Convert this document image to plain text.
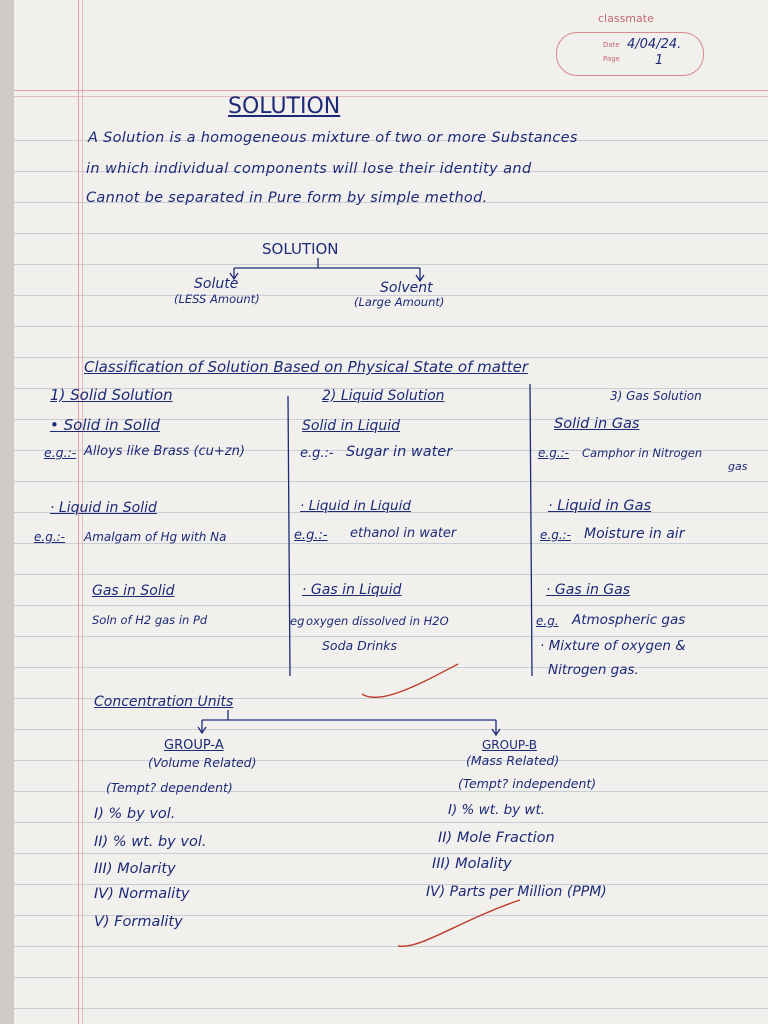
classmate
Date
Page
4/04/24.
1
SOLUTION
A Solution is a homogeneous mixture of two or more Substances
in which individual components will lose their identity and
Cannot be separated in Pure form by simple method.
SOLUTION
Solute
(LESS Amount)
Solvent
(Large Amount)
Classification of Solution Based on Physical State of matter
1) Solid Solution
• Solid in Solid
e.g.:- Alloys like Brass (cu+zn)
· Liquid in Solid
e.g.:- Amalgam of Hg with Na
Gas in Solid
Soln of H2 gas in Pd
2) Liquid Solution
Solid in Liquid
e.g.:- Sugar in water
· Liquid in Liquid
e.g.:- ethanol in water
· Gas in Liquid
eg oxygen dissolved in H2O
Soda Drinks
3) Gas Solution
Solid in Gas
e.g.:- Camphor in Nitrogen
gas
· Liquid in Gas
e.g.:- Moisture in air
· Gas in Gas
e.g. Atmospheric gas
· Mixture of oxygen &
Nitrogen gas.
Concentration Units
GROUP-A
(Volume Related)
(Tempt? dependent)
I) % by vol.
II) % wt. by vol.
III) Molarity
IV) Normality
V) Formality
GROUP-B
(Mass Related)
(Tempt? independent)
I) % wt. by wt.
II) Mole Fraction
III) Molality
IV) Parts per Million (PPM)
